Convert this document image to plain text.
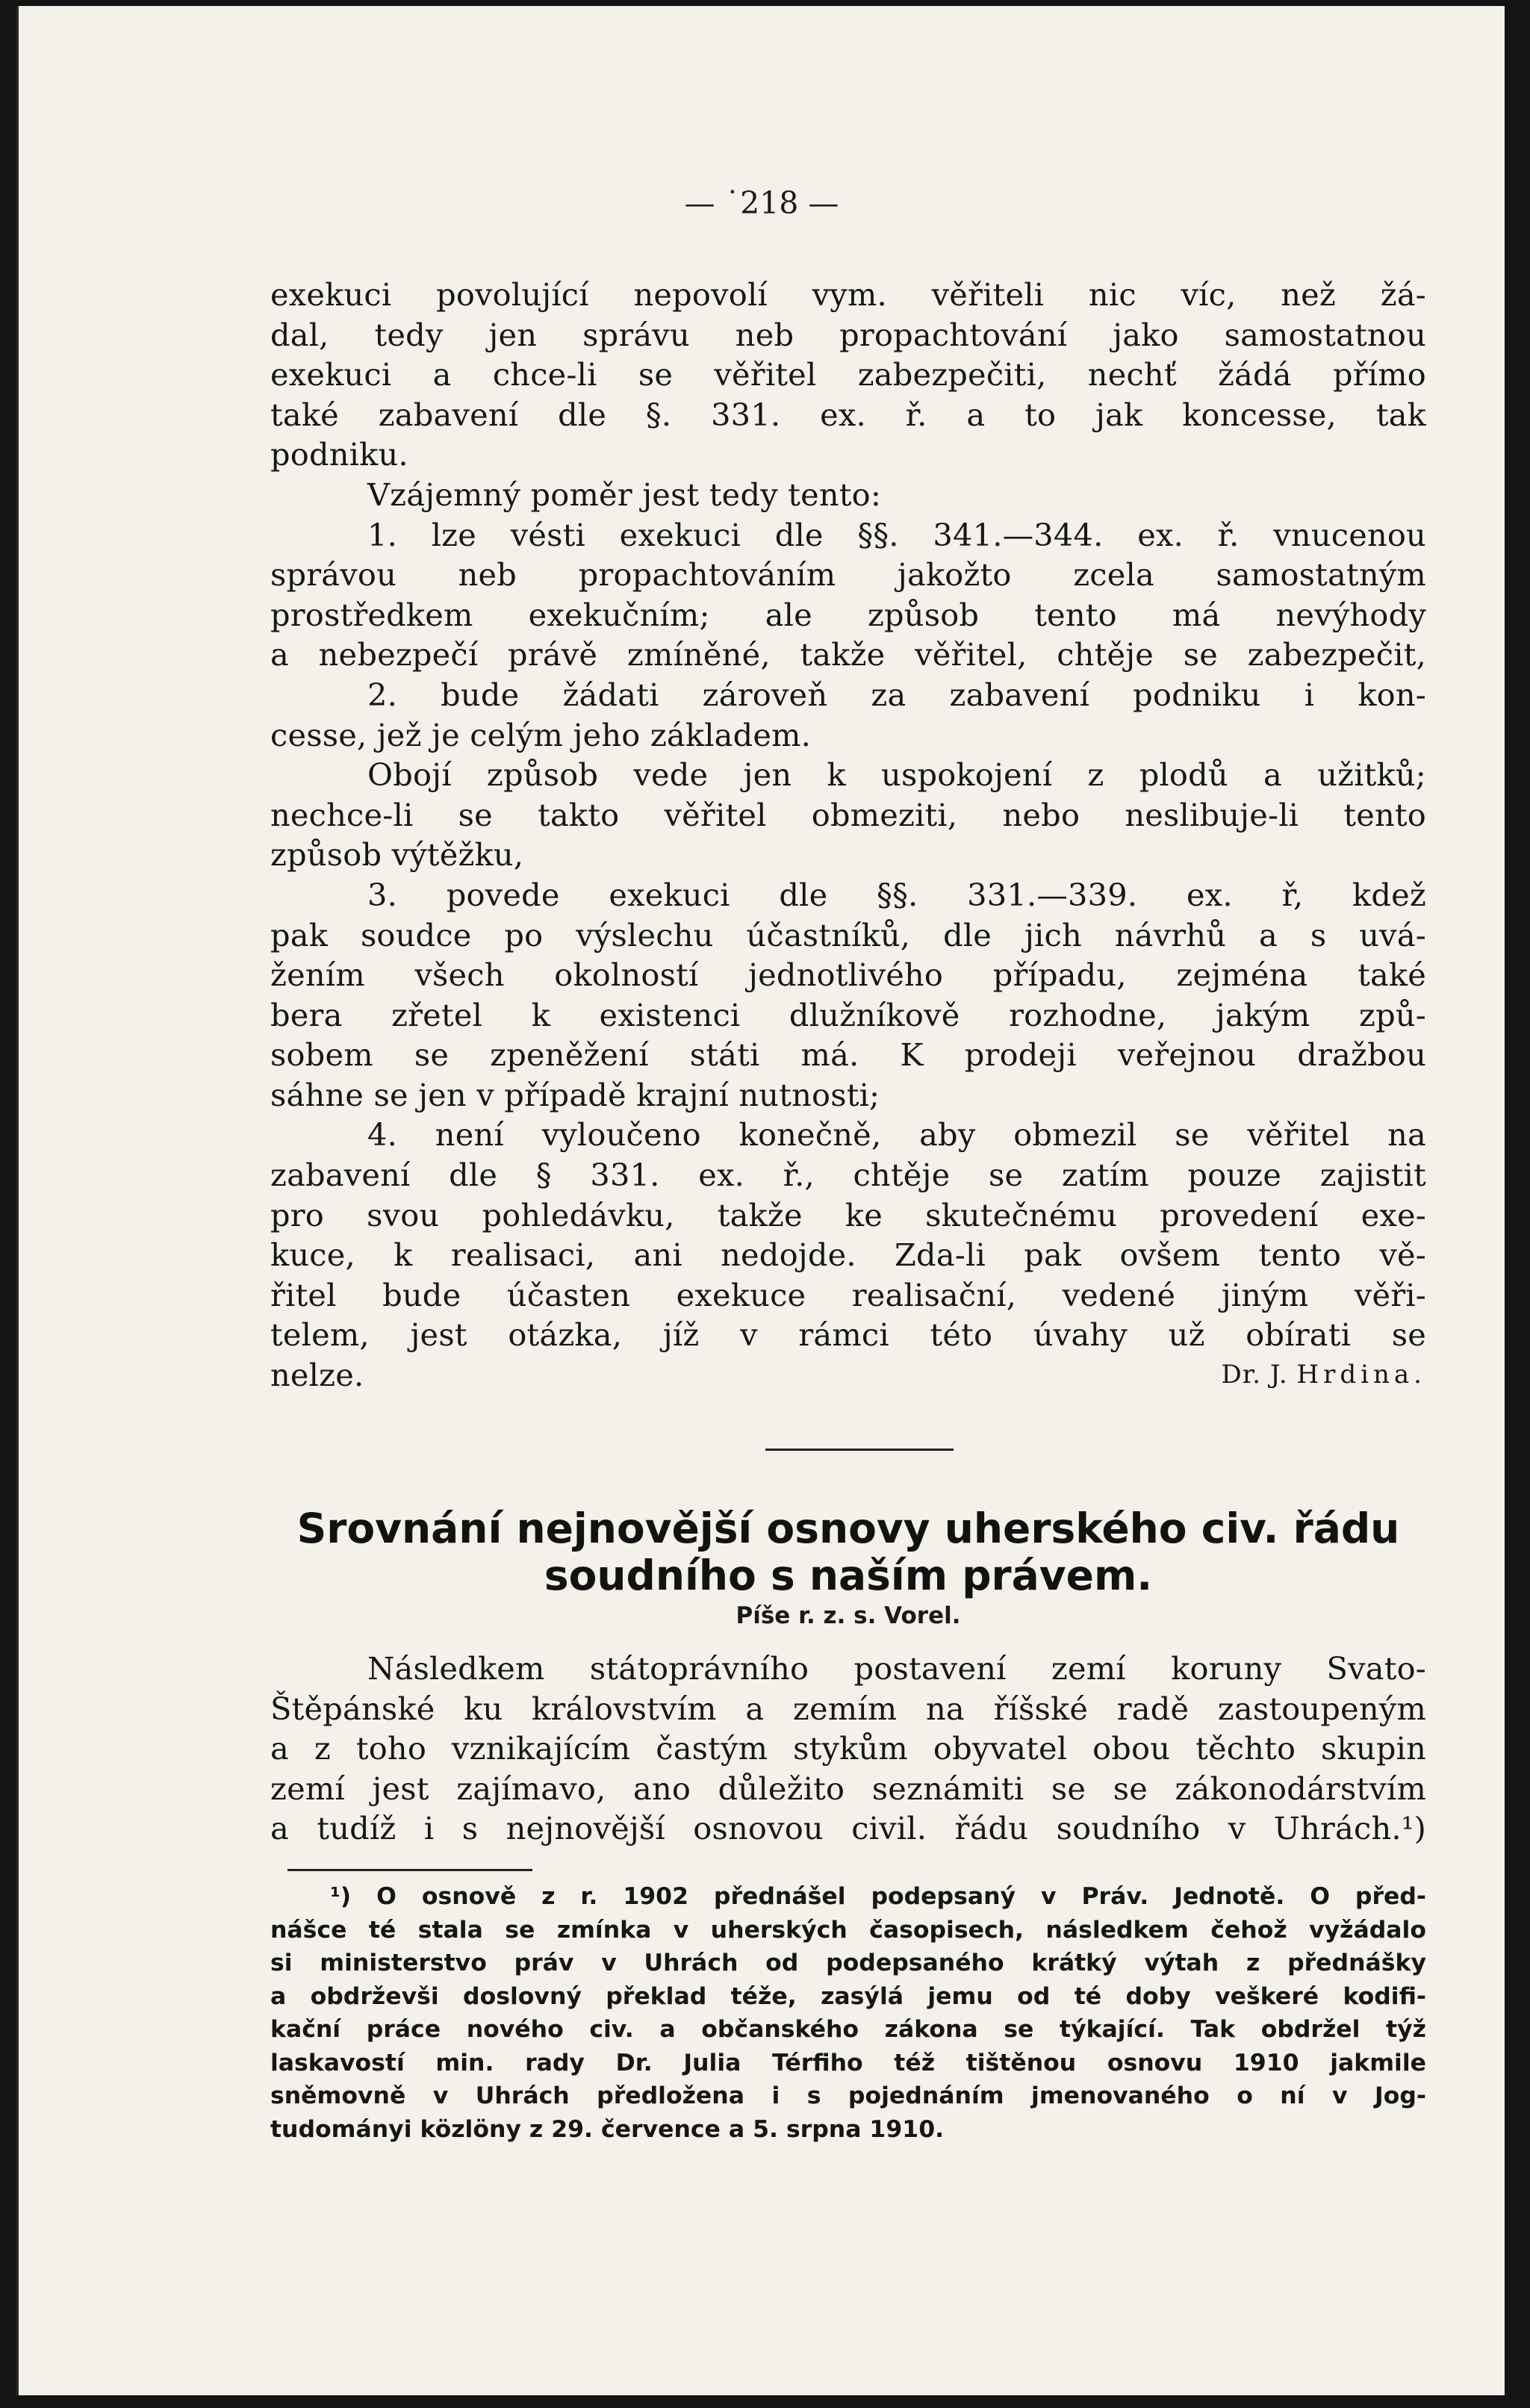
— ˙218 —
exekuci povolující nepovolí vym. věřiteli nic víc, než žá-
dal, tedy jen správu neb propachtování jako samostatnou
exekuci a chce-li se věřitel zabezpečiti, nechť žádá přímo
také zabavení dle §. 331. ex. ř. a to jak koncesse, tak
podniku.
Vzájemný poměr jest tedy tento:
1. lze vésti exekuci dle §§. 341.—344. ex. ř. vnucenou
správou neb propachtováním jakožto zcela samostatným
prostředkem exekučním; ale způsob tento má nevýhody
a nebezpečí právě zmíněné, takže věřitel, chtěje se zabezpečit,
2. bude žádati zároveň za zabavení podniku i kon-
cesse, jež je celým jeho základem.
Obojí způsob vede jen k uspokojení z plodů a užitků;
nechce-li se takto věřitel obmeziti, nebo neslibuje-li tento
způsob výtěžku,
3. povede exekuci dle §§. 331.—339. ex. ř, kdež
pak soudce po výslechu účastníků, dle jich návrhů a s uvá-
žením všech okolností jednotlivého případu, zejména také
bera zřetel k existenci dlužníkově rozhodne, jakým způ-
sobem se zpeněžení státi má. K prodeji veřejnou dražbou
sáhne se jen v případě krajní nutnosti;
4. není vyloučeno konečně, aby obmezil se věřitel na
zabavení dle § 331. ex. ř., chtěje se zatím pouze zajistit
pro svou pohledávku, takže ke skutečnému provedení exe-
kuce, k realisaci, ani nedojde. Zda-li pak ovšem tento vě-
řitel bude účasten exekuce realisační, vedené jiným věři-
telem, jest otázka, jíž v rámci této úvahy už obírati se
nelze.	Dr. J. Hrdina.
Srovnání nejnovější osnovy uherského civ. řádu
soudního s naším právem.
Píše r. z. s. Vorel.
Následkem státoprávního postavení zemí koruny Svato-
Štěpánské ku královstvím a zemím na říšské radě zastoupeným
a z toho vznikajícím častým stykům obyvatel obou těchto skupin
zemí jest zajímavo, ano důležito seznámiti se se zákonodárstvím
a tudíž i s nejnovější osnovou civil. řádu soudního v Uhrách.¹)
¹) O osnově z r. 1902 přednášel podepsaný v Práv. Jednotě. O před-
nášce té stala se zmínka v uherských časopisech, následkem čehož vyžádalo
si ministerstvo práv v Uhrách od podepsaného krátký výtah z přednášky
a obdrževši doslovný překlad téže, zasýlá jemu od té doby veškeré kodifi-
kační práce nového civ. a občanského zákona se týkající. Tak obdržel týž
laskavostí min. rady Dr. Julia Térfiho též tištěnou osnovu 1910 jakmile
sněmovně v Uhrách předložena i s pojednáním jmenovaného o ní v Jog-
tudományi közlöny z 29. července a 5. srpna 1910.
